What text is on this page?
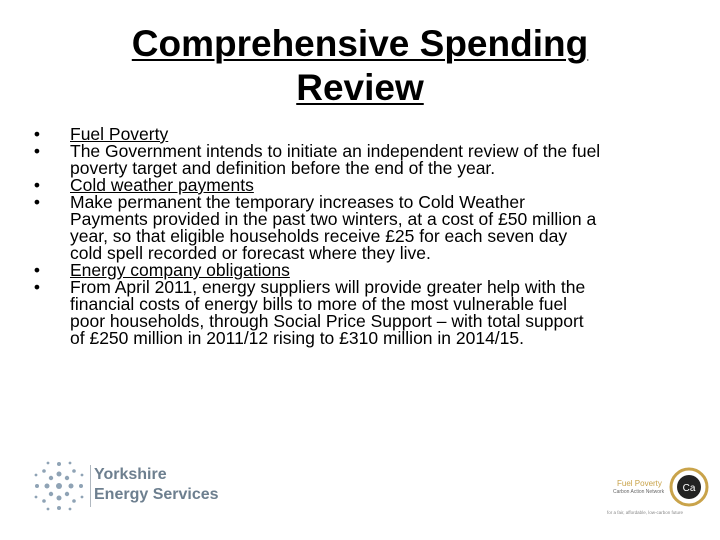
Comprehensive Spending
Review
• Fuel Poverty
• The Government intends to initiate an independent review of the fuel
poverty target and definition before the end of the year.
• Cold weather payments
• Make permanent the temporary increases to Cold Weather
Payments provided in the past two winters, at a cost of £50 million a
year, so that eligible households receive £25 for each seven day
cold spell recorded or forecast where they live.
• Energy company obligations
• From April 2011, energy suppliers will provide greater help with the
financial costs of energy bills to more of the most vulnerable fuel
poor households, through Social Price Support – with total support
of £250 million in 2011/12 rising to £310 million in 2014/15.
Yorkshire
Energy Services
Fuel Poverty
Carbon Action Network Ca
for a fair, affordable, low-carbon future
